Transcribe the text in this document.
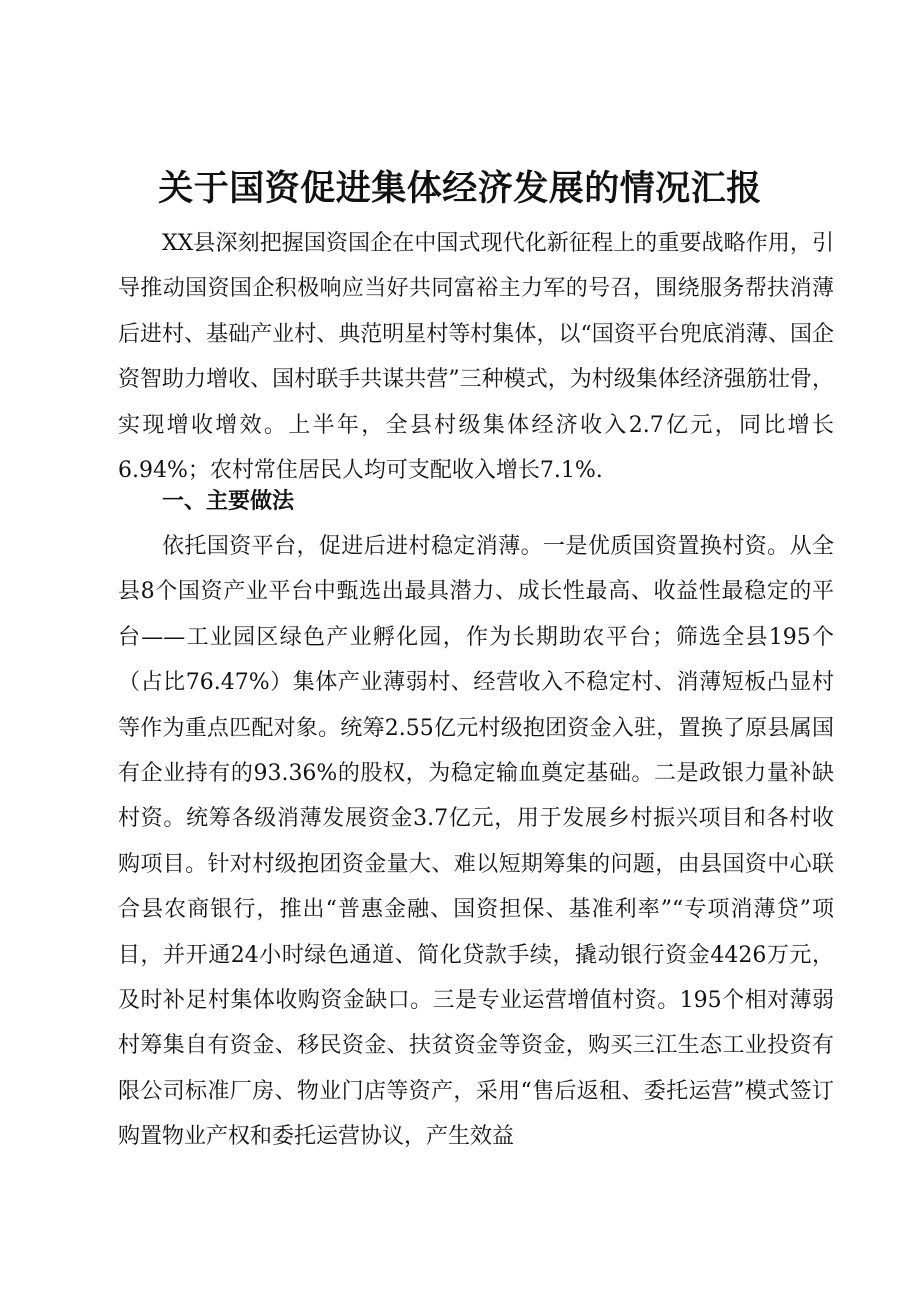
关于国资促进集体经济发展的情况汇报

XX县深刻把握国资国企在中国式现代化新征程上的重要战略作用，引导推动国资国企积极响应当好共同富裕主力军的号召，围绕服务帮扶消薄后进村、基础产业村、典范明星村等村集体，以“国资平台兜底消薄、国企资智助力增收、国村联手共谋共营”三种模式，为村级集体经济强筋壮骨，实现增收增效。上半年，全县村级集体经济收入2.7亿元，同比增长6.94%；农村常住居民人均可支配收入增长7.1%.

一、主要做法

依托国资平台，促进后进村稳定消薄。一是优质国资置换村资。从全县8个国资产业平台中甄选出最具潜力、成长性最高、收益性最稳定的平台——工业园区绿色产业孵化园，作为长期助农平台；筛选全县195个（占比76.47%）集体产业薄弱村、经营收入不稳定村、消薄短板凸显村等作为重点匹配对象。统筹2.55亿元村级抱团资金入驻，置换了原县属国有企业持有的93.36%的股权，为稳定输血奠定基础。二是政银力量补缺村资。统筹各级消薄发展资金3.7亿元，用于发展乡村振兴项目和各村收购项目。针对村级抱团资金量大、难以短期筹集的问题，由县国资中心联合县农商银行，推出“普惠金融、国资担保、基准利率”“专项消薄贷”项目，并开通24小时绿色通道、简化贷款手续，撬动银行资金4426万元，及时补足村集体收购资金缺口。三是专业运营增值村资。195个相对薄弱村筹集自有资金、移民资金、扶贫资金等资金，购买三江生态工业投资有限公司标准厂房、物业门店等资产，采用“售后返租、委托运营”模式签订购置物业产权和委托运营协议，产生效益
